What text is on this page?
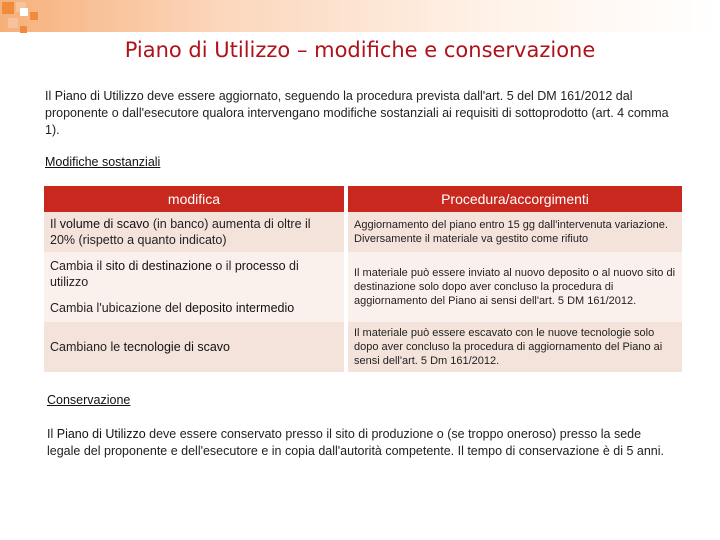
Piano di Utilizzo – modifiche e conservazione
Il Piano di Utilizzo deve essere aggiornato, seguendo la procedura prevista dall'art. 5 del DM 161/2012 dal proponente o dall'esecutore qualora intervengano modifiche sostanziali ai requisiti di sottoprodotto (art. 4 comma 1).
Modifiche sostanziali
modifica	Procedura/accorgimenti
Il volume di scavo (in banco) aumenta di oltre il 20% (rispetto a quanto indicato)	Aggiornamento del piano entro 15 gg dall'intervenuta variazione. Diversamente il materiale va gestito come rifiuto

Cambia il sito di destinazione o il processo di utilizzo
Cambia l'ubicazione del deposito intermedio	Il materiale può essere inviato al nuovo deposito o al nuovo sito di destinazione solo dopo aver concluso la procedura di aggiornamento del Piano ai sensi dell'art. 5 DM 161/2012.
Cambiano le tecnologie di scavo	Il materiale può essere escavato con le nuove tecnologie solo dopo aver concluso la procedura di aggiornamento del Piano ai sensi dell'art. 5 Dm 161/2012.
Conservazione
Il Piano di Utilizzo deve essere conservato presso il sito di produzione o (se troppo oneroso) presso la sede legale del proponente e dell'esecutore e in copia dall'autorità competente. Il tempo di conservazione è di 5 anni.
